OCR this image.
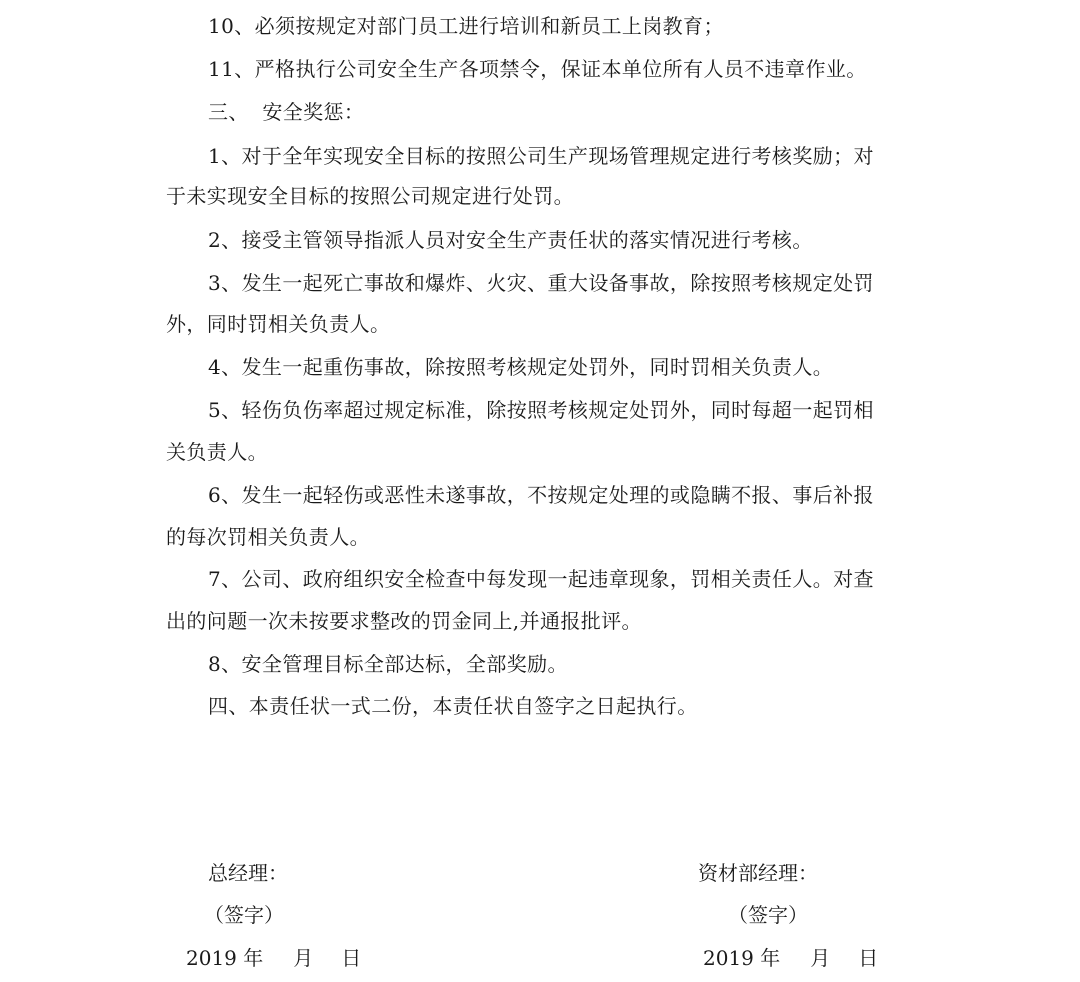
10、必须按规定对部门员工进行培训和新员工上岗教育；
11、严格执行公司安全生产各项禁令，保证本单位所有人员不违章作业。
三、  安全奖惩：
1、对于全年实现安全目标的按照公司生产现场管理规定进行考核奖励；对
于未实现安全目标的按照公司规定进行处罚。
2、接受主管领导指派人员对安全生产责任状的落实情况进行考核。
3、发生一起死亡事故和爆炸、火灾、重大设备事故，除按照考核规定处罚
外，同时罚相关负责人。
4、发生一起重伤事故，除按照考核规定处罚外，同时罚相关负责人。
5、轻伤负伤率超过规定标准，除按照考核规定处罚外，同时每超一起罚相
关负责人。
6、发生一起轻伤或恶性未遂事故，不按规定处理的或隐瞒不报、事后补报
的每次罚相关负责人。
7、公司、政府组织安全检查中每发现一起违章现象，罚相关责任人。对查
出的问题一次未按要求整改的罚金同上,并通报批评。
8、安全管理目标全部达标，全部奖励。
四、本责任状一式二份，本责任状自签字之日起执行。
总经理：
（签字）
2019 年 月 日
资材部经理：
（签字）
2019 年 月 日
